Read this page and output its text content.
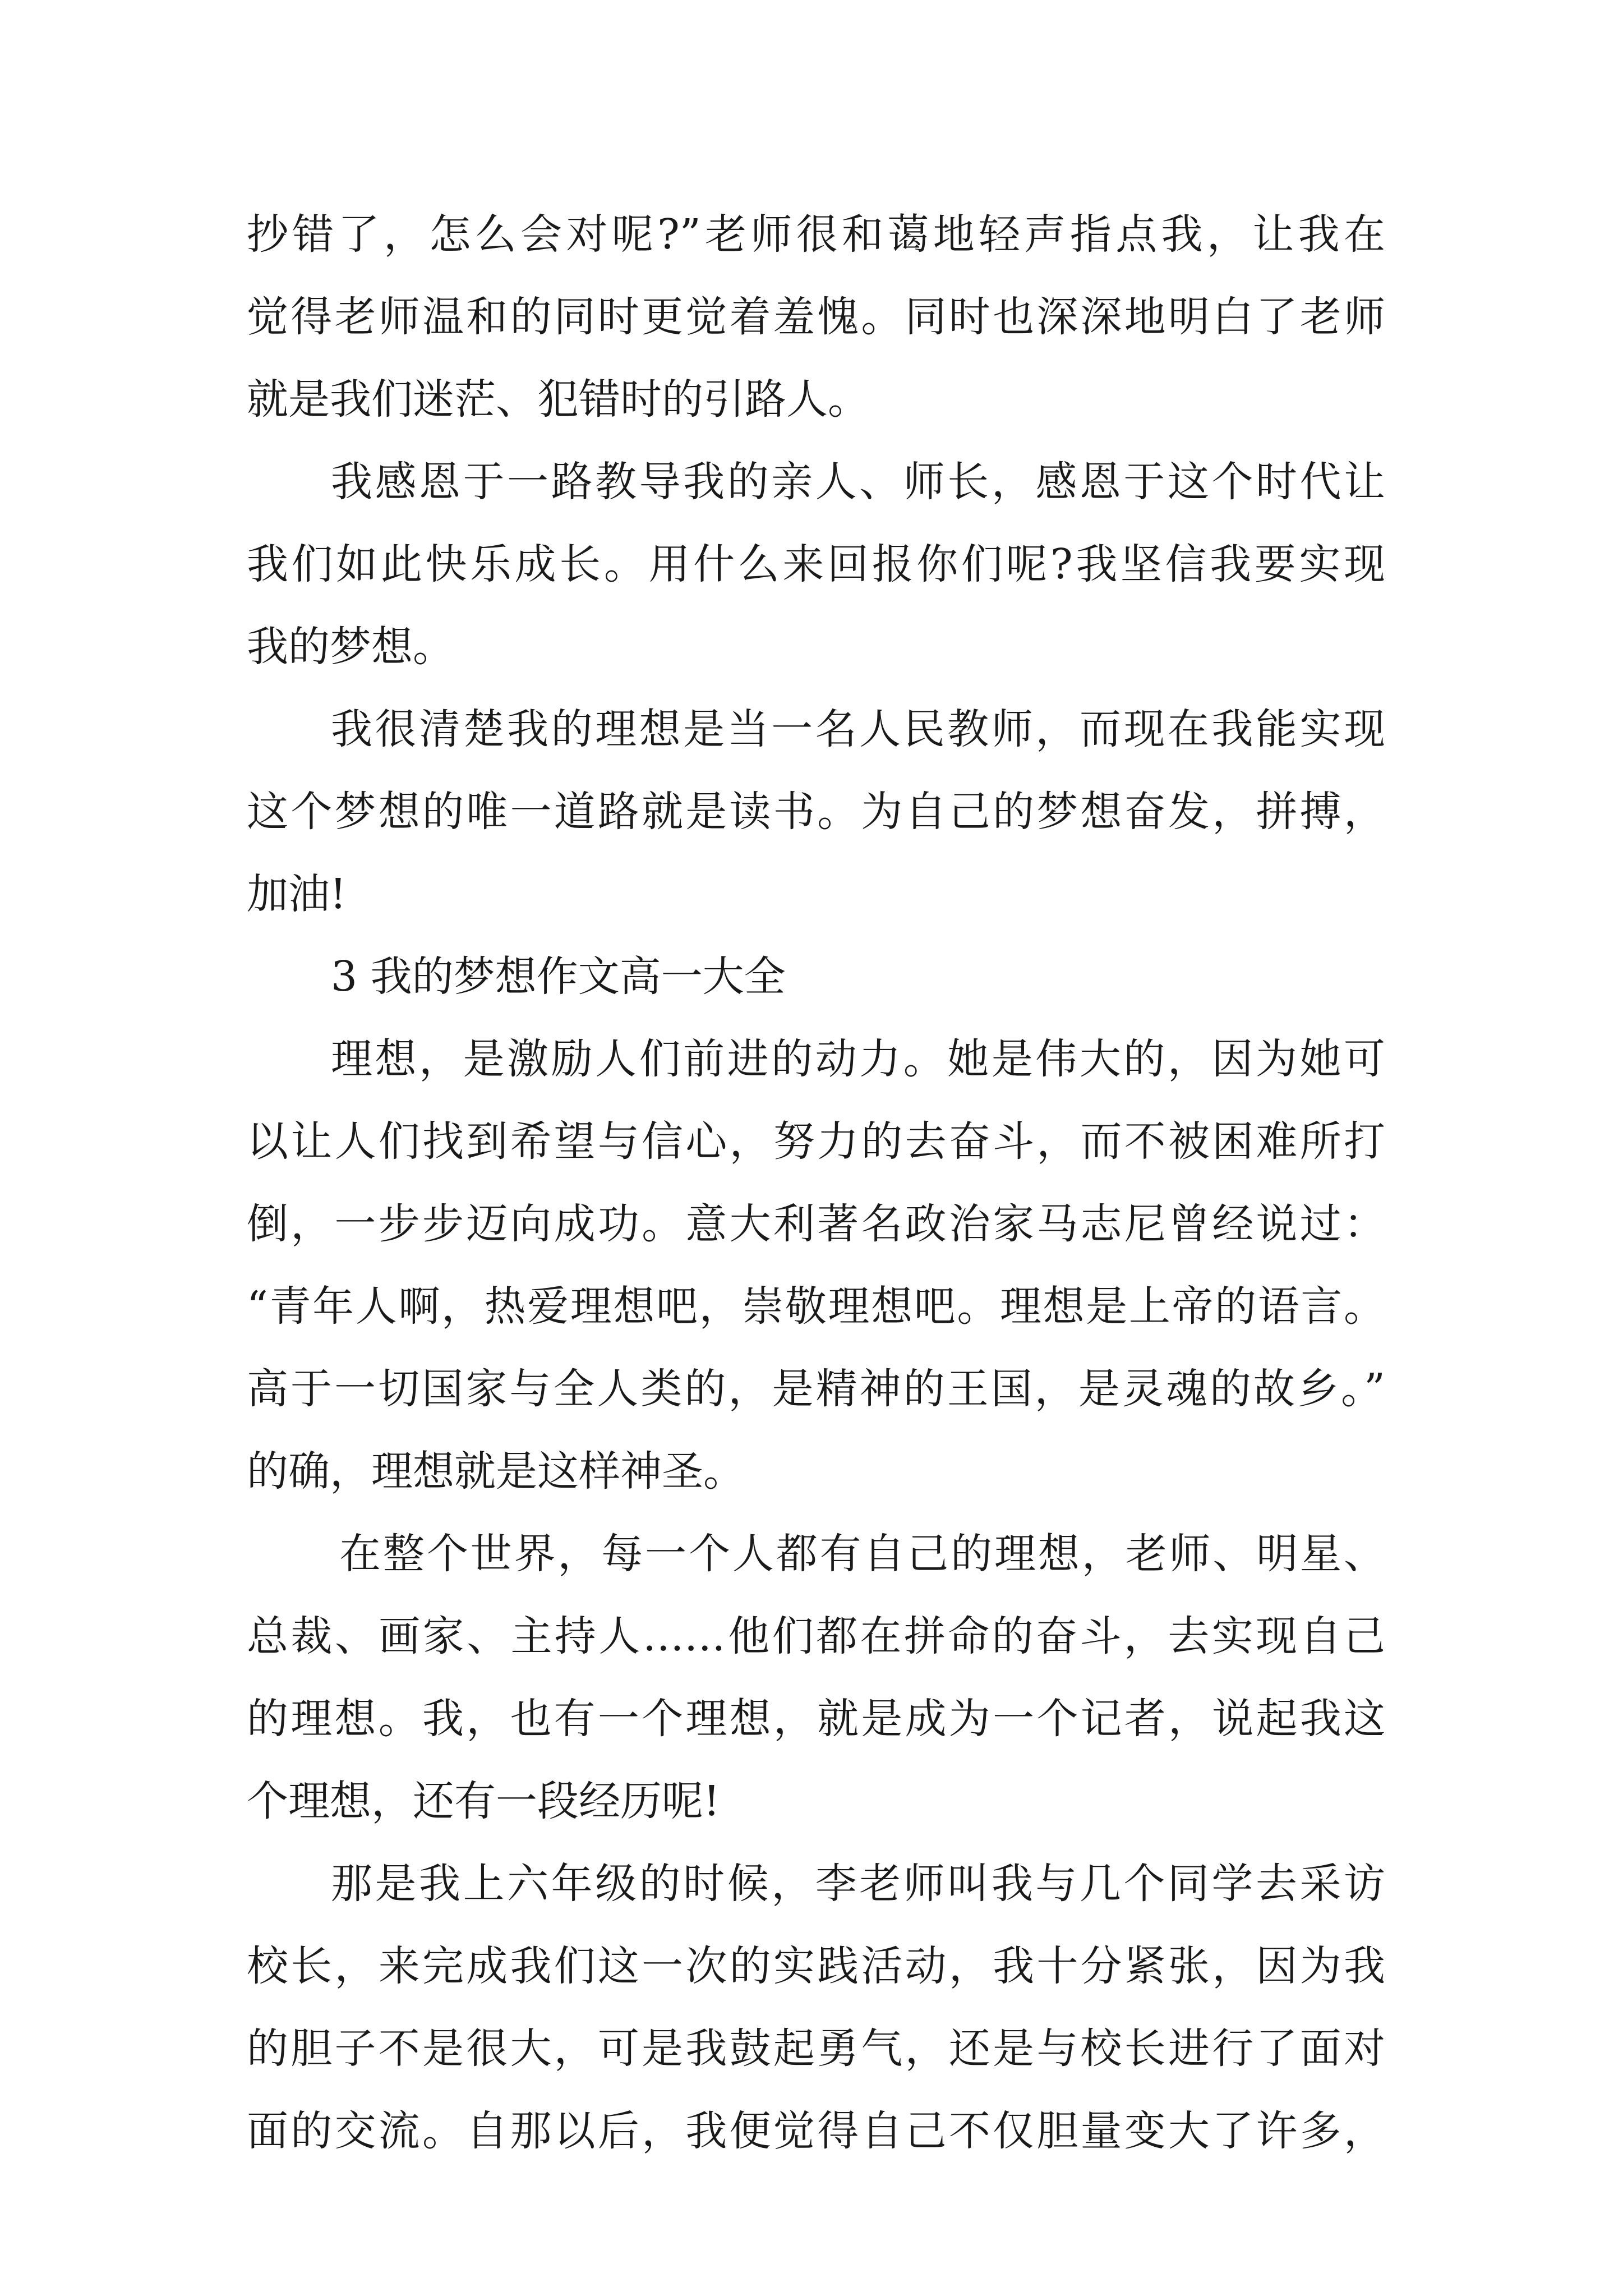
抄错了，怎么会对呢?”老师很和蔼地轻声指点我，让我在
觉得老师温和的同时更觉着羞愧。同时也深深地明白了老师
就是我们迷茫、犯错时的引路人。
我感恩于一路教导我的亲人、师长，感恩于这个时代让
我们如此快乐成长。用什么来回报你们呢?我坚信我要实现
我的梦想。
我很清楚我的理想是当一名人民教师，而现在我能实现
这个梦想的唯一道路就是读书。为自己的梦想奋发，拼搏，
加油!
3 我的梦想作文高一大全
理想，是激励人们前进的动力。她是伟大的，因为她可
以让人们找到希望与信心，努力的去奋斗，而不被困难所打
倒，一步步迈向成功。意大利著名政治家马志尼曾经说过：
“青年人啊，热爱理想吧，崇敬理想吧。理想是上帝的语言。
高于一切国家与全人类的，是精神的王国，是灵魂的故乡。”
的确，理想就是这样神圣。
在整个世界，每一个人都有自己的理想，老师、明星、
总裁、画家、主持人……他们都在拼命的奋斗，去实现自己
的理想。我，也有一个理想，就是成为一个记者，说起我这
个理想，还有一段经历呢!
那是我上六年级的时候，李老师叫我与几个同学去采访
校长，来完成我们这一次的实践活动，我十分紧张，因为我
的胆子不是很大，可是我鼓起勇气，还是与校长进行了面对
面的交流。自那以后，我便觉得自己不仅胆量变大了许多，
